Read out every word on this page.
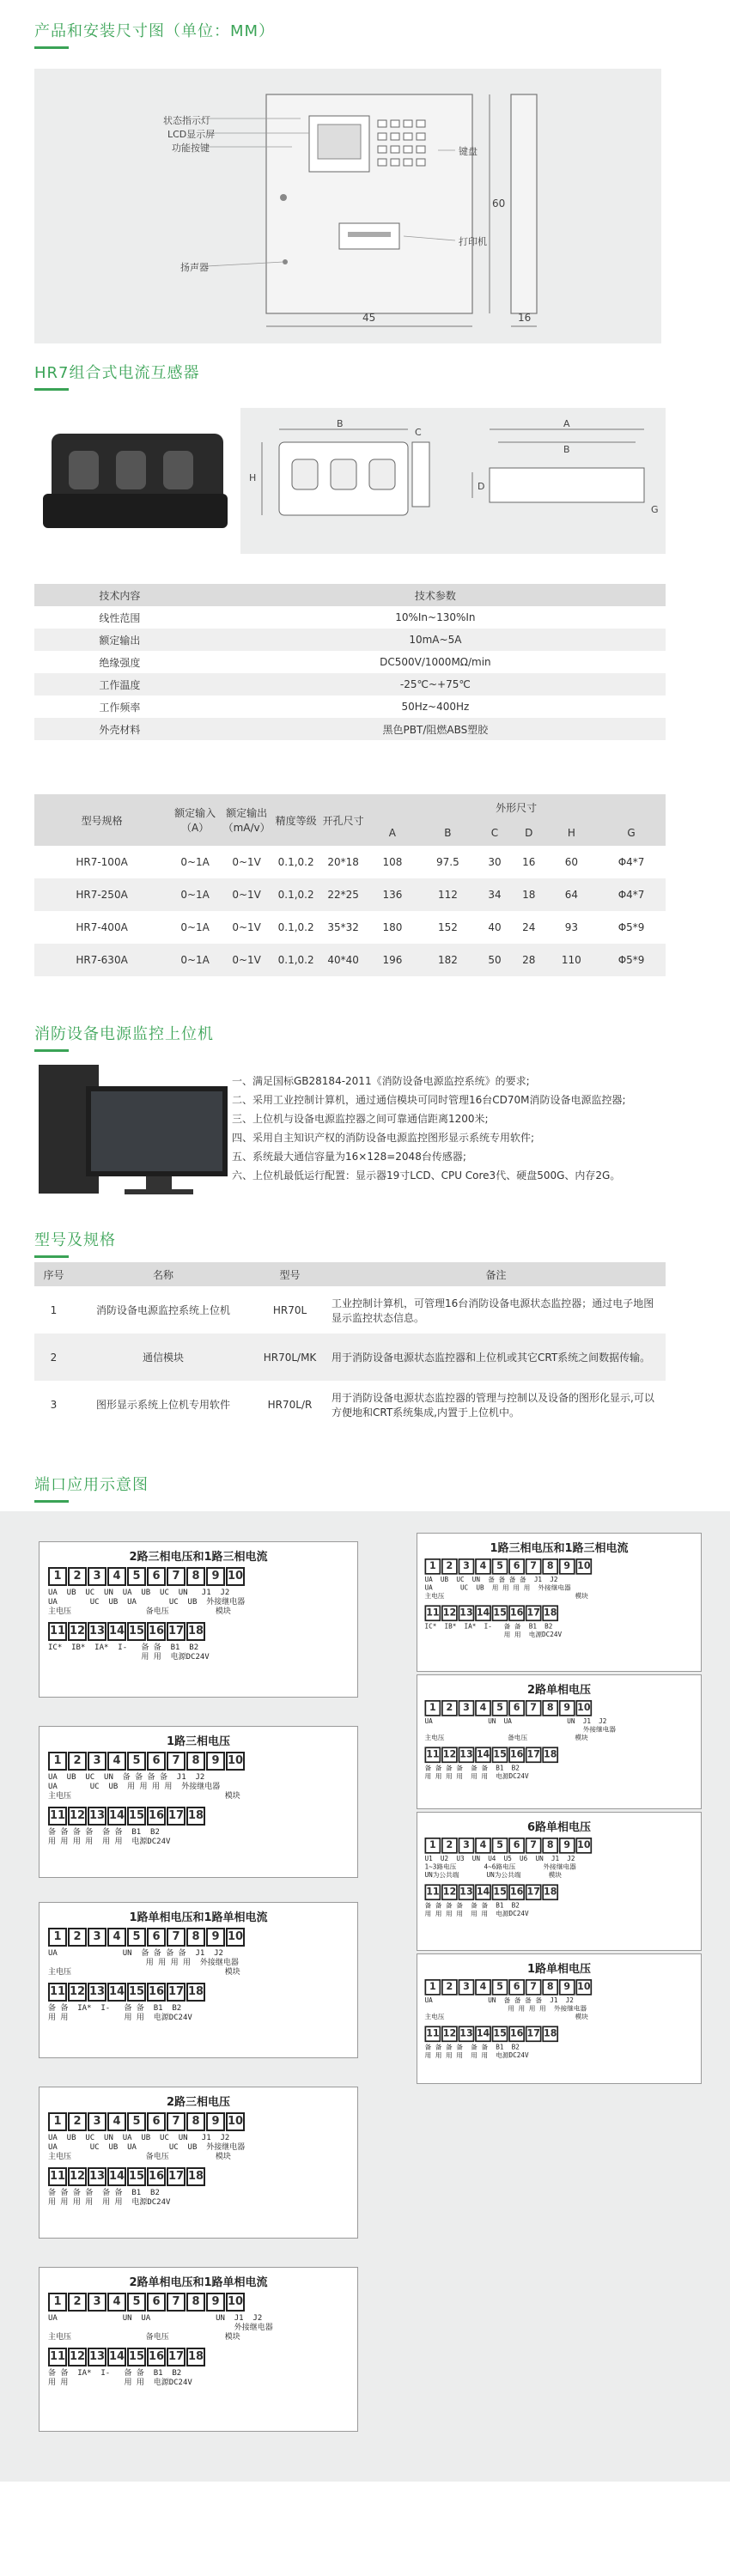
产品和安装尺寸图（单位：MM）
状态指示灯
LCD显示屏
功能按键
扬声器
键盘
打印机
60
45	16
HR7组合式电流互感器
B
H
C
A
B
D
G
技术内容	技术参数
线性范围	10%In~130%In
额定输出	10mA~5A
绝缘强度	DC500V/1000MΩ/min
工作温度	-25℃~+75℃
工作频率	50Hz~400Hz
外壳材料	黑色PBT/阻燃ABS塑胶
型号规格	额定输入（A）	额定输出（mA/v）	精度等级	开孔尺寸	外形尺寸					
					A	B	C	D	H	G
HR7-100A	0~1A	0~1V	0.1,0.2	20*18	108	97.5	30	16	60	Φ4*7
HR7-250A	0~1A	0~1V	0.1,0.2	22*25	136	112	34	18	64	Φ4*7
HR7-400A	0~1A	0~1V	0.1,0.2	35*32	180	152	40	24	93	Φ5*9
HR7-630A	0~1A	0~1V	0.1,0.2	40*40	196	182	50	28	110	Φ5*9
消防设备电源监控上位机
一、满足国标GB28184-2011《消防设备电源监控系统》的要求;
二、采用工业控制计算机，通过通信模块可同时管理16台CD70M消防设备电源监控器;
三、上位机与设备电源监控器之间可靠通信距离1200米;
四、采用自主知识产权的消防设备电源监控图形显示系统专用软件;
五、系统最大通信容量为16×128=2048台传感器;
六、上位机最低运行配置：显示器19寸LCD、CPU Core3代、硬盘500G、内存2G。
型号及规格
序号	名称	型号	备注
1	消防设备电源监控系统上位机	HR70L	工业控制计算机，可管理16台消防设备电源状态监控器；通过电子地图显示监控状态信息。
2	通信模块	HR70L/MK	用于消防设备电源状态监控器和上位机或其它CRT系统之间数据传输。
3	图形显示系统上位机专用软件	HR70L/R	用于消防设备电源状态监控器的管理与控制以及设备的图形化显示,可以方便地和CRT系统集成,内置于上位机中。
端口应用示意图
2路三相电压和1路三相电流
1	2	3	4	5	6	7	8	9 10
UA  UB  UC  UN  UA  UB  UC  UN   J1  J2
UA       UC  UB  UA       UC  UB  外接继电器
主电压                备电压          模块
11 12 13 14 15 16 17 18
IC*  IB*  IA*  I-   备 备  B1  B2
用 用  电源DC24V
1路三相电压
1	2	3	4	5	6	7	8	9 10
UA  UB  UC  UN  备 备 备 备  J1  J2
UA       UC  UB  用 用 用 用  外接继电器
主电压                                 模块
11 12 13 14 15 16 17 18
备 备 备 备  备 备  B1  B2
用 用 用 用  用 用  电源DC24V
1路单相电压和1路单相电流
1	2	3	4	5	6	7	8	9 10
UA              UN  备 备 备 备  J1  J2
用 用 用 用  外接继电器
主电压                                 模块
11 12 13 14 15 16 17 18
备 备  IA*  I-   备 备  B1  B2
用 用            用 用  电源DC24V
2路三相电压
1	2	3	4	5	6	7	8	9 10
UA  UB  UC  UN  UA  UB  UC  UN   J1  J2
UA       UC  UB  UA       UC  UB  外接继电器
主电压                备电压          模块
11 12 13 14 15 16 17 18
备 备 备 备  备 备  B1  B2
用 用 用 用  用 用  电源DC24V
2路单相电压和1路单相电流
1	2	3	4	5	6	7	8	9 10
UA              UN  UA              UN  J1  J2
外接继电器
主电压                备电压            模块
11 12 13 14 15 16 17 18
备 备  IA*  I-   备 备  B1  B2
用 用            用 用  电源DC24V
1路三相电压和1路三相电流
1 2 3 4 5 6 7 8 9 10
UA  UB  UC  UN  备 备 备 备  J1  J2
UA       UC  UB  用 用 用 用  外接继电器
主电压                                 模块
11 12 13 14 15 16 17 18
IC*  IB*  IA*  I-   备 备  B1  B2
用 用  电源DC24V
2路单相电压
1 2 3 4 5 6 7 8 9 10
UA              UN  UA              UN  J1  J2
外接继电器
主电压                备电压            模块
11 12 13 14 15 16 17 18
备 备 备 备  备 备  B1  B2
用 用 用 用  用 用  电源DC24V
6路单相电压
1 2 3 4 5 6 7 8 9 10
U1  U2  U3  UN  U4  U5  U6  UN  J1  J2
1~3路电压       4~6路电压       外接继电器
UN为公共端       UN为公共端       模块
11 12 13 14 15 16 17 18
备 备 备 备  备 备  B1  B2
用 用 用 用  用 用  电源DC24V
1路单相电压
1 2 3 4 5 6 7 8 9 10
UA              UN  备 备 备 备  J1  J2
用 用 用 用  外接继电器
主电压                                 模块
11 12 13 14 15 16 17 18
备 备 备 备  备 备  B1  B2
用 用 用 用  用 用  电源DC24V
